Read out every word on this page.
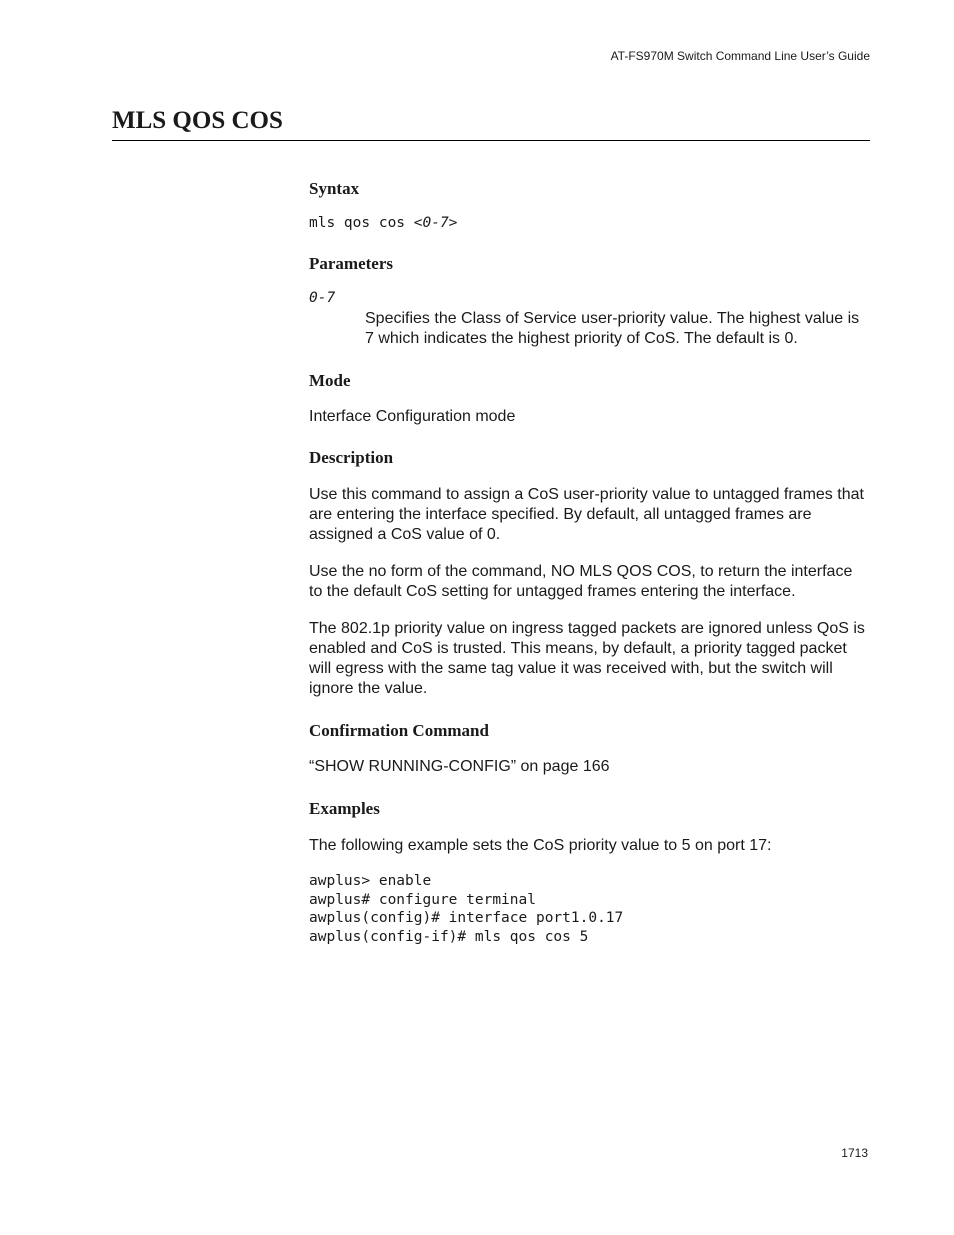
AT-FS970M Switch Command Line User’s Guide
MLS QOS COS
Syntax

mls qos cos <0-7>

Parameters

0-7

Specifies the Class of Service user-priority value. The highest value is 7 which indicates the highest priority of CoS. The default is 0.

Mode

Interface Configuration mode

Description

Use this command to assign a CoS user-priority value to untagged frames that are entering the interface specified. By default, all untagged frames are assigned a CoS value of 0.

Use the no form of the command, NO MLS QOS COS, to return the interface to the default CoS setting for untagged frames entering the interface.

The 802.1p priority value on ingress tagged packets are ignored unless QoS is enabled and CoS is trusted. This means, by default, a priority tagged packet will egress with the same tag value it was received with, but the switch will ignore the value.

Confirmation Command

“SHOW RUNNING-CONFIG” on page 166

Examples

The following example sets the CoS priority value to 5 on port 17:

awplus> enable

awplus# configure terminal

awplus(config)# interface port1.0.17

awplus(config-if)# mls qos cos 5

1713
